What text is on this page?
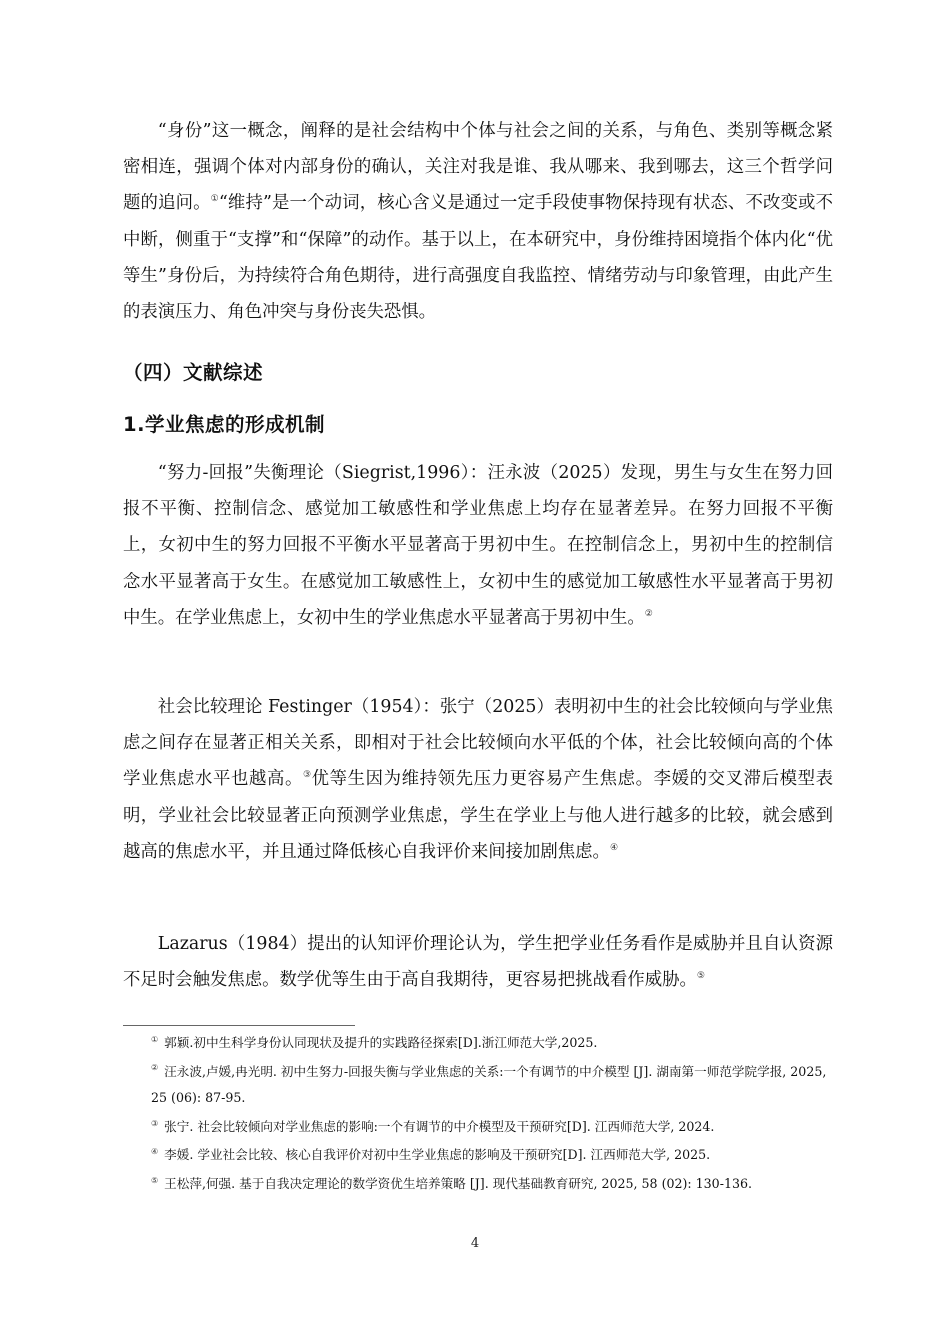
“身份”这一概念，阐释的是社会结构中个体与社会之间的关系，与角色、类别等概念紧密相连，强调个体对内部身份的确认，关注对我是谁、我从哪来、我到哪去，这三个哲学问题的追问。①“维持”是一个动词，核心含义是通过一定手段使事物保持现有状态、不改变或不中断，侧重于“支撑”和“保障”的动作。基于以上，在本研究中，身份维持困境指个体内化“优等生”身份后，为持续符合角色期待，进行高强度自我监控、情绪劳动与印象管理，由此产生的表演压力、角色冲突与身份丧失恐惧。

（四）文献综述

1.学业焦虑的形成机制

“努力-回报”失衡理论（Siegrist,1996）：汪永波（2025）发现，男生与女生在努力回报不平衡、控制信念、感觉加工敏感性和学业焦虑上均存在显著差异。在努力回报不平衡上，女初中生的努力回报不平衡水平显著高于男初中生。在控制信念上，男初中生的控制信念水平显著高于女生。在感觉加工敏感性上，女初中生的感觉加工敏感性水平显著高于男初中生。在学业焦虑上，女初中生的学业焦虑水平显著高于男初中生。②

社会比较理论 Festinger（1954）：张宁（2025）表明初中生的社会比较倾向与学业焦虑之间存在显著正相关关系，即相对于社会比较倾向水平低的个体，社会比较倾向高的个体学业焦虑水平也越高。③优等生因为维持领先压力更容易产生焦虑。李媛的交叉滞后模型表明，学业社会比较显著正向预测学业焦虑，学生在学业上与他人进行越多的比较，就会感到越高的焦虑水平，并且通过降低核心自我评价来间接加剧焦虑。④

Lazarus（1984）提出的认知评价理论认为，学生把学业任务看作是威胁并且自认资源不足时会触发焦虑。数学优等生由于高自我期待，更容易把挑战看作威胁。⑤

① 郭颖.初中生科学身份认同现状及提升的实践路径探索[D].浙江师范大学,2025.

② 汪永波,卢媛,冉光明. 初中生努力-回报失衡与学业焦虑的关系:一个有调节的中介模型 [J]. 湖南第一师范学院学报, 2025, 25 (06): 87-95.

③ 张宁. 社会比较倾向对学业焦虑的影响:一个有调节的中介模型及干预研究[D]. 江西师范大学, 2024.

④ 李媛. 学业社会比较、核心自我评价对初中生学业焦虑的影响及干预研究[D]. 江西师范大学, 2025.

⑤ 王松萍,何强. 基于自我决定理论的数学资优生培养策略 [J]. 现代基础教育研究, 2025, 58 (02): 130-136.

4
